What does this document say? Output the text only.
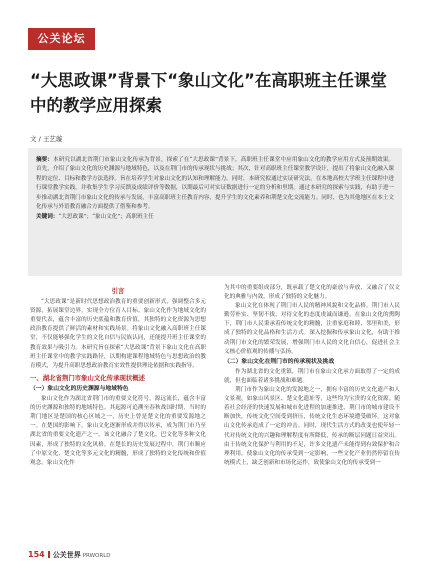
公关论坛
“大思政课”背景下“象山文化”在高职班主任课堂中的教学应用探索
文 / 王艺璇
摘要：本研究以湖北省荆门市象山文化传承为背景，探索了在“大思政课”背景下，高职班主任课堂中应用象山文化的教学应用方式及预期效果。首先，介绍了象山文化的历史渊源与地域特色，以及在荆门市的传承现状与挑战；其次，针对高职班主任课堂教学设计，提出了将象山文化融入课程的定位、目标和教学方法选择。旨在培养学生对象山文化的认知和理解能力。同时，本研究拟通过实证研究法，在本地高校大学班主任课程中进行课堂教学实践，并收集学生学习反馈及成绩评价等数据，以期最后可对实证数据进行一定的分析和里期。通过本研究的探索与实践，有助于进一步推动湖北省荆门市象山文化的传承与发展，丰富高职班主任教育内容，提升学生的文化素养和荆楚文化交流能力。同时，也为其他地区在本土文化传承与外语教育融合方面提供了借鉴和参考。
关键词：“大思政课”；“象山文化”；高职班主任
引言

“大思政课”是新时代思想政治教育的重要创新形式，强调整合多元资源，拓展课堂边界，实现全方位育人目标。象山文化作为地域文化的重要代表，蕴含丰富的历史底蕴和教育价值，其独特的文化资源为思想政治教育提供了鲜活的素材和实践场景。将象山文化融入高职班主任课堂，不仅能够强化学生的文化自信与民族认同，还能提升班主任课堂的教育效果与吸引力。本研究旨在探索“大思政课”背景下象山文化在高职班主任课堂中的教学实践路径，以期构建课程地域特色与思想政治的教育模式，为提升高职思想政治教育实效性提供理论依据和实践指导。

一、湖北省荆门市象山文化传承现状概述
（一）象山文化的历史渊源与地域特色

象山文化作为湖北省荆门市的重要文化符号，源远流长，蕴含丰富的历史渊源和独特的地域特色。其起源可追溯至春秋战国时期，当时的荆门地区是楚国的核心区域之一，历史上曾是楚文化的重要发源地之一。在楚国的影响下，象山文化逐渐形成并得以传承，成为荆门市乃至湖北省的重要文化遗产之一。该文化融合了楚文化、巴文化等多种文化因素，形成了独特的文化风格。在楚长的历史发展过程中，荆门市顺应了中原文化、楚文化等多元文化的精髓，形成了独特的文化传统和价值观念。象山文化作

为其中的重要组成部分，既承载了楚文化的豪放与奔放，又融合了仅文化的典雅与内敛，形成了独特的文化魅力。

象山文化在体现了荆门市人民的精神风貌和文化品格。荆门市人民勤劳朴实、坚韧不拔，对待文化的态度虔诚而谦逊。在象山文化的熏陶下，荆门市人民秉承着传统文化的精髓，注重家庭和睦、邻里和美，形成了独特的文化品格和生活方式。深入挖掘和传承象山文化，有助于推动荆门市文化的繁荣发展，增强荆门市人民的文化自信心，促进社会主义核心价值观的传播与弘扬。

（二）象山文化在荆门市的传承现状及挑战

作为湖北省的文化重镇，荆门市在象山文化承方面取得了一定的成就，但也面临着诸多挑战和难题。

荆门市作为象山文化的发源地之一，拥有丰富的历史文化遗产和人文景观，如象山风景区、楚文化遗址等，这些均为宝贵的文化资源。随着社会经济的快速发展和城市化进程的加速推进，荆门市的城市建设不断加快，传统文化空间受到挤压，传统文化生态环境遭受破坏。这对象山文化传承造成了一定的冲击。同时，现代生活方式的改变也使年轻一代对传统文化的兴趣和理解程度有所降低，传承的断层问题日益突出。由于传统文化保护与利用的不足，许多文化遗产未能得到有效保护和合理利用，使象山文化的传承受到一定影响，一些文化产业仍然停留在传统模式上，缺乏创新和市场化运作，致使象山文化的传承受到一

154 公关世界 PRWORLD
